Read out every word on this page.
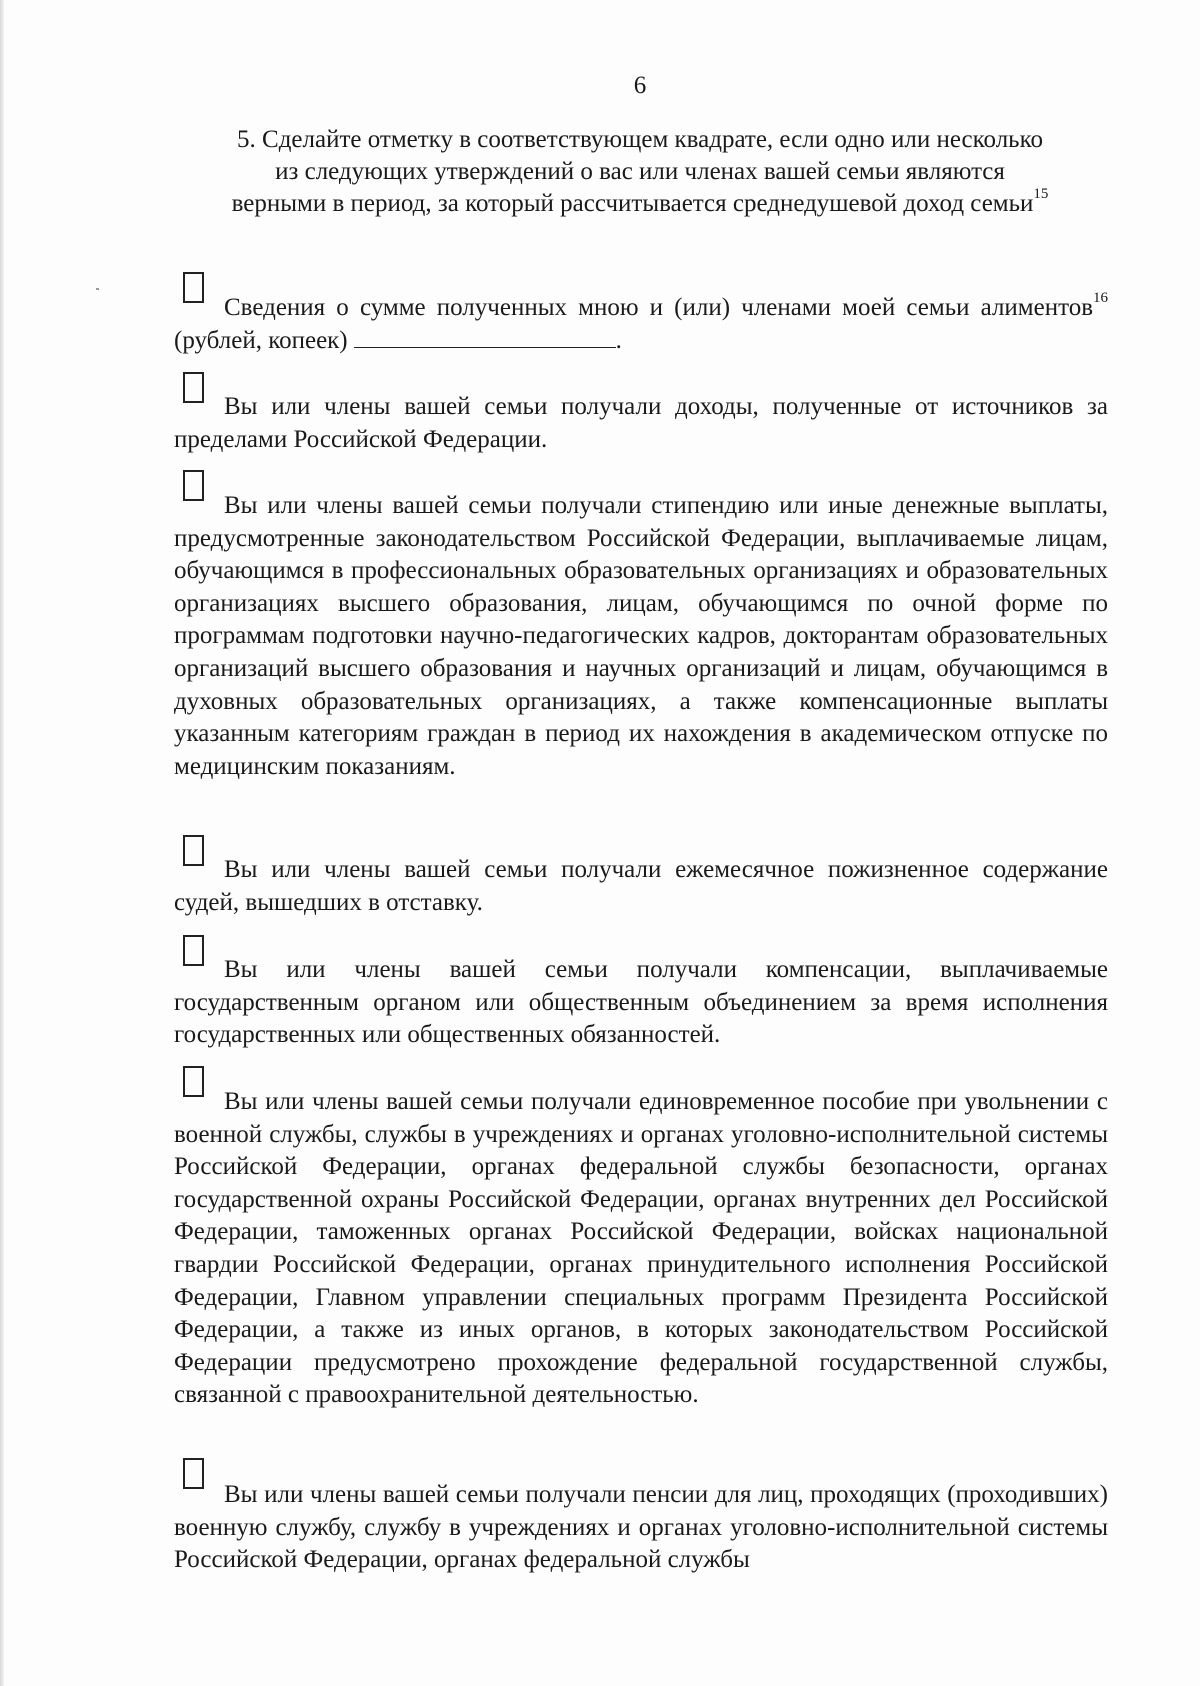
6
5. Сделайте отметку в соответствующем квадрате, если одно или несколько
из следующих утверждений о вас или членах вашей семьи являются
верными в период, за который рассчитывается среднедушевой доход семьи$^{15}$

Сведения о сумме полученных мною и (или) членами моей семьи алиментов$^{16}$ (рублей, копеек)	.

Вы или члены вашей семьи получали доходы, полученные от источников за пределами Российской Федерации.

Вы или члены вашей семьи получали стипендию или иные денежные выплаты, предусмотренные законодательством Российской Федерации, выплачиваемые лицам, обучающимся в профессиональных образовательных организациях и образовательных организациях высшего образования, лицам, обучающимся по очной форме по программам подготовки научно-педагогических кадров, докторантам образовательных организаций высшего образования и научных организаций и лицам, обучающимся в духовных образовательных организациях, а также компенсационные выплаты указанным категориям граждан в период их нахождения в академическом отпуске по медицинским показаниям.

Вы или члены вашей семьи получали ежемесячное пожизненное содержание судей, вышедших в отставку.

Вы или члены вашей семьи получали компенсации, выплачиваемые государственным органом или общественным объединением за время исполнения государственных или общественных обязанностей.

Вы или члены вашей семьи получали единовременное пособие при увольнении с военной службы, службы в учреждениях и органах уголовно-исполнительной системы Российской Федерации, органах федеральной службы безопасности, органах государственной охраны Российской Федерации, органах внутренних дел Российской Федерации, таможенных органах Российской Федерации, войсках национальной гвардии Российской Федерации, органах принудительного исполнения Российской Федерации, Главном управлении специальных программ Президента Российской Федерации, а также из иных органов, в которых законодательством Российской Федерации предусмотрено прохождение федеральной государственной службы, связанной с правоохранительной деятельностью.

Вы или члены вашей семьи получали пенсии для лиц, проходящих (проходивших) военную службу, службу в учреждениях и органах уголовно-исполнительной системы Российской Федерации, органах федеральной службы
